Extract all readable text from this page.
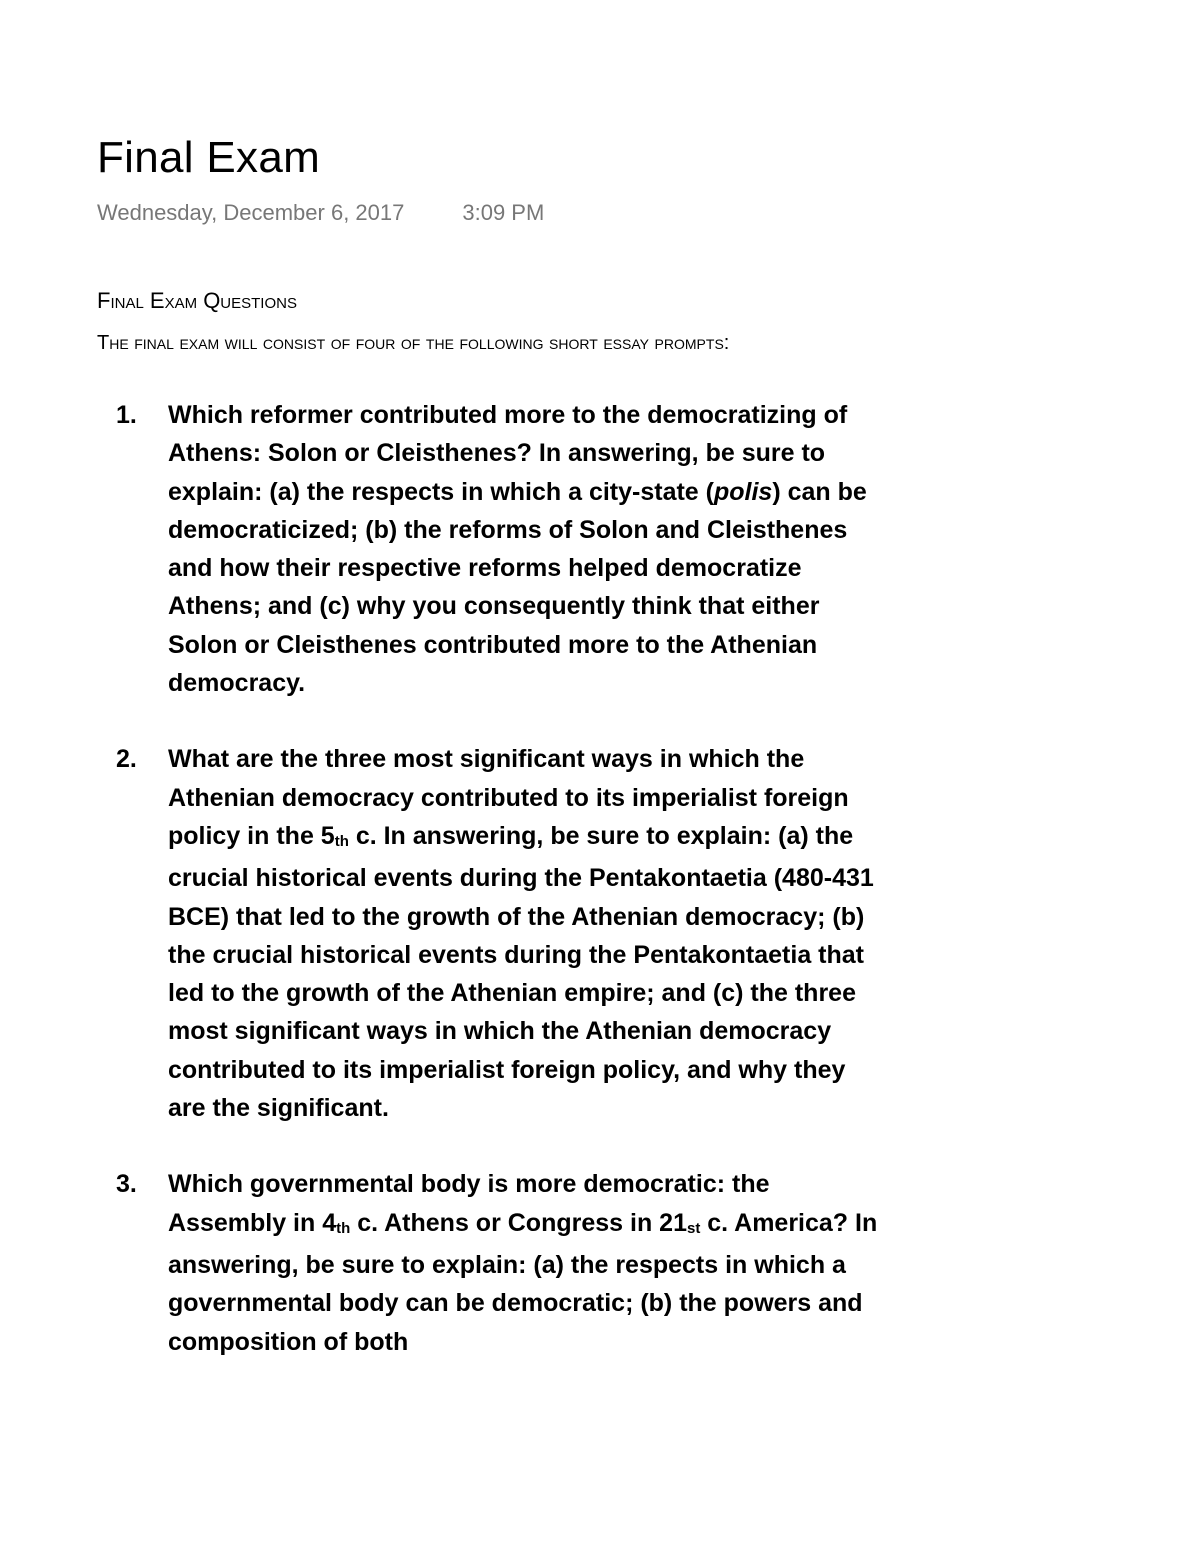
Final Exam
Wednesday, December 6, 2017	3:09 PM
Final Exam Questions

The final exam will consist of four of the following short essay prompts:

1. Which reformer contributed more to the democratizing of Athens: Solon or Cleisthenes? In answering, be sure to explain: (a) the respects in which a city-state (polis) can be democraticized; (b) the reforms of Solon and Cleisthenes and how their respective reforms helped democratize Athens; and (c) why you consequently think that either Solon or Cleisthenes contributed more to the Athenian democracy.
2. What are the three most significant ways in which the Athenian democracy contributed to its imperialist foreign policy in the $5_{th}$ c. In answering, be sure to explain: (a) the crucial historical events during the Pentakontaetia (480-431 BCE) that led to the growth of the Athenian democracy; (b) the crucial historical events during the Pentakontaetia that led to the growth of the Athenian empire; and (c) the three most significant ways in which the Athenian democracy contributed to its imperialist foreign policy, and why they are the significant.
3. Which governmental body is more democratic: the Assembly in $4_{th}$ c. Athens or Congress in $21_{st}$ c. America? In answering, be sure to explain: (a) the respects in which a governmental body can be democratic; (b) the powers and composition of both
